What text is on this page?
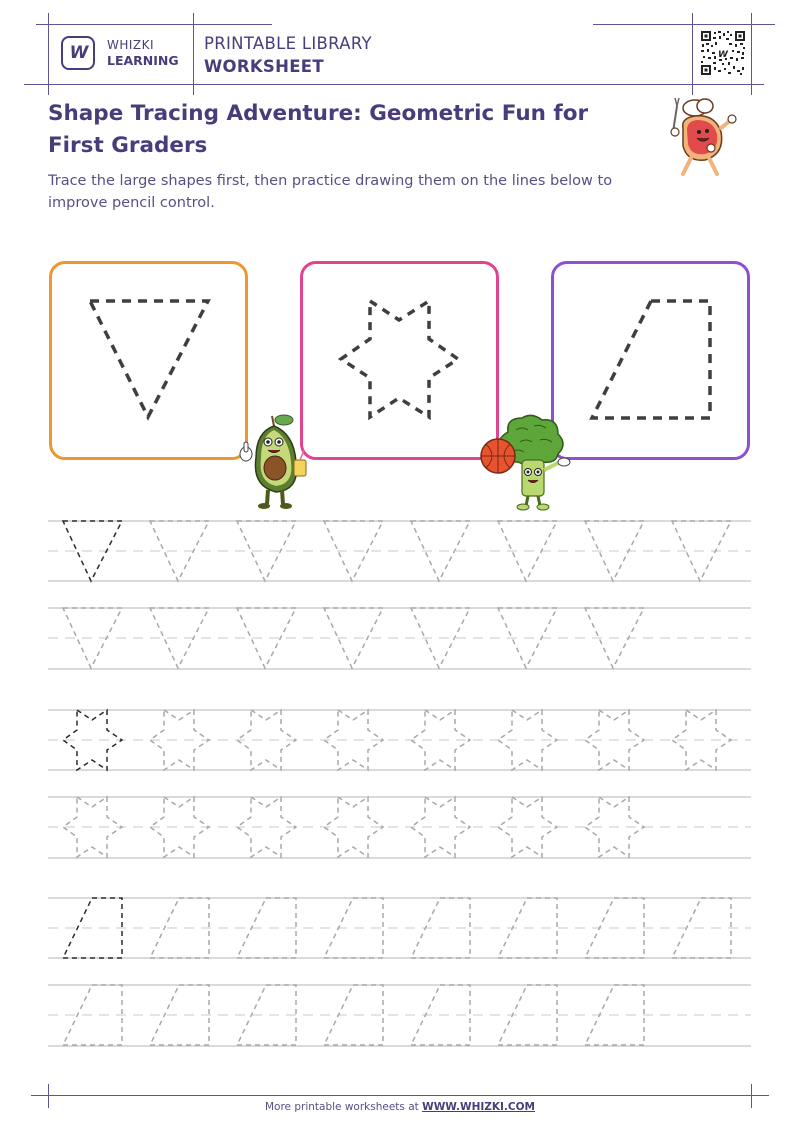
W WHIZKI
LEARNING
PRINTABLE LIBRARY
WORKSHEET
W
Shape Tracing Adventure: Geometric Fun for First Graders
Trace the large shapes first, then practice drawing them on the lines below to improve pencil control.
More printable worksheets at WWW.WHIZKI.COM
